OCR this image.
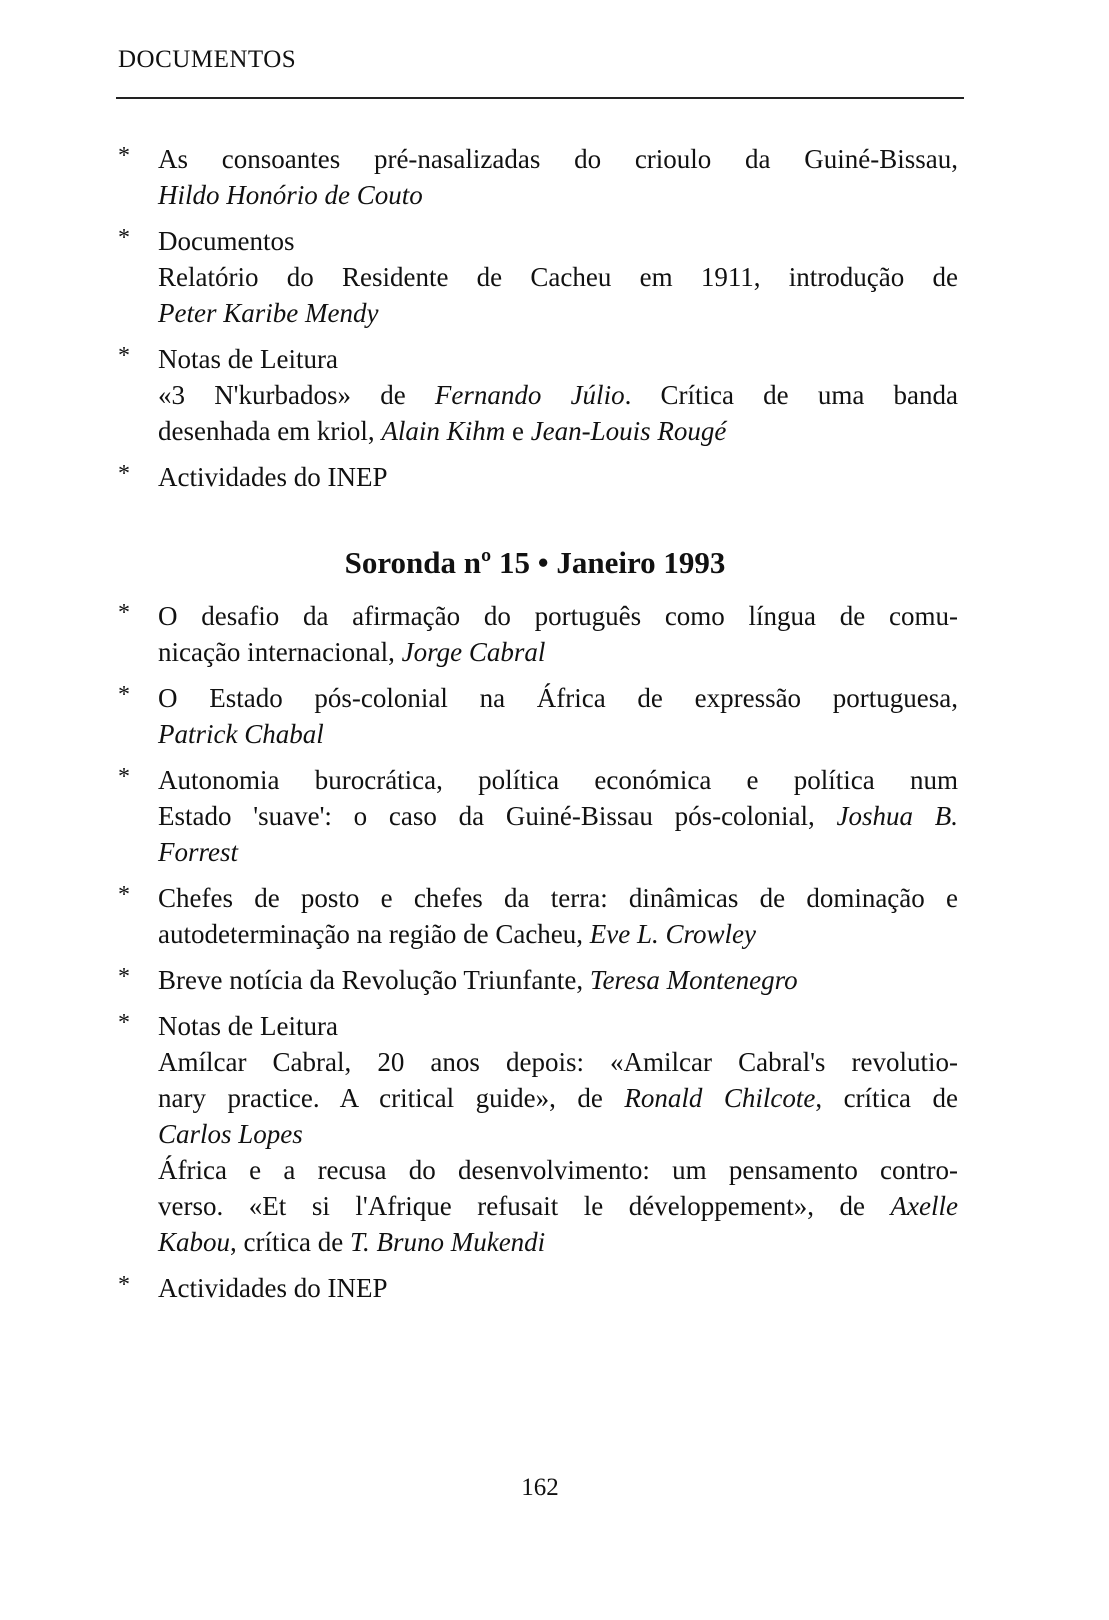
DOCUMENTOS
* As consoantes pré-nasalizadas do crioulo da Guiné-Bissau,
Hildo Honório de Couto
* Documentos
Relatório do Residente de Cacheu em 1911, introdução de
Peter Karibe Mendy
* Notas de Leitura
«3 N'kurbados» de Fernando Júlio. Crítica de uma banda
desenhada em kriol, Alain Kihm e Jean-Louis Rougé
* Actividades do INEP
Soronda nº 15 • Janeiro 1993
* O desafio da afirmação do português como língua de comu-
nicação internacional, Jorge Cabral
* O Estado pós-colonial na África de expressão portuguesa,
Patrick Chabal
* Autonomia burocrática, política económica e política num
Estado 'suave': o caso da Guiné-Bissau pós-colonial, Joshua B.
Forrest
* Chefes de posto e chefes da terra: dinâmicas de dominação e
autodeterminação na região de Cacheu, Eve L. Crowley
* Breve notícia da Revolução Triunfante, Teresa Montenegro
* Notas de Leitura
Amílcar Cabral, 20 anos depois: «Amilcar Cabral's revolutio-
nary practice. A critical guide», de Ronald Chilcote, crítica de
Carlos Lopes
África e a recusa do desenvolvimento: um pensamento contro-
verso. «Et si l'Afrique refusait le développement», de Axelle
Kabou, crítica de T. Bruno Mukendi
* Actividades do INEP
162
